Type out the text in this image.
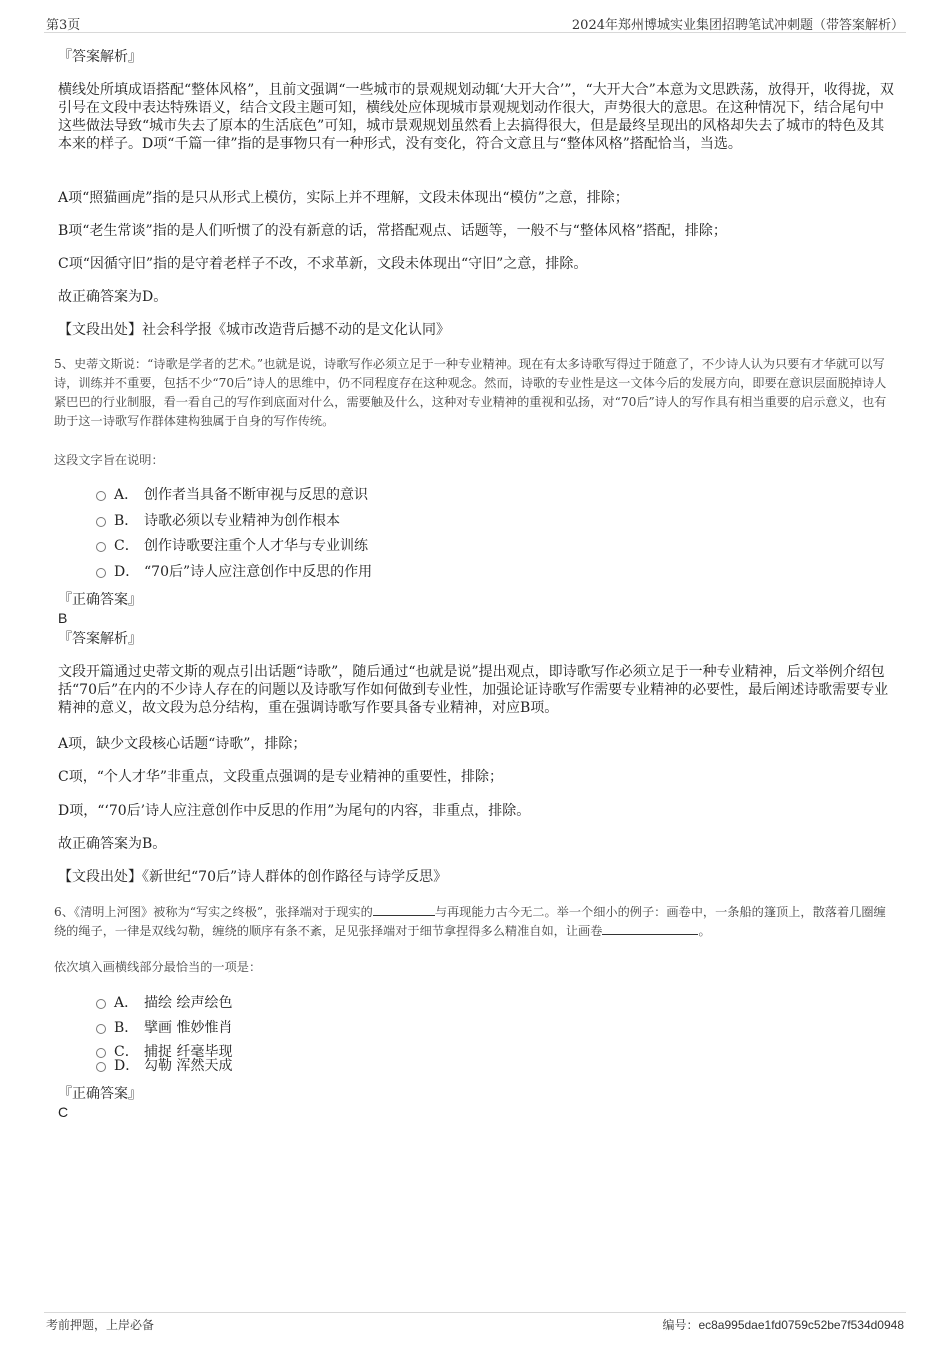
第3页	2024年郑州博城实业集团招聘笔试冲刺题（带答案解析）
『答案解析』

横线处所填成语搭配“整体风格”，且前文强调“一些城市的景观规划动辄‘大开大合’”，“大开大合”本意为文思跌荡，放得开，收得拢，双引号在文段中表达特殊语义，结合文段主题可知，横线处应体现城市景观规划动作很大，声势很大的意思。在这种情况下，结合尾句中这些做法导致“城市失去了原本的生活底色”可知，城市景观规划虽然看上去搞得很大，但是最终呈现出的风格却失去了城市的特色及其本来的样子。D项“千篇一律”指的是事物只有一种形式，没有变化，符合文意且与“整体风格”搭配恰当，当选。

A项“照猫画虎”指的是只从形式上模仿，实际上并不理解，文段未体现出“模仿”之意，排除；

B项“老生常谈”指的是人们听惯了的没有新意的话，常搭配观点、话题等，一般不与“整体风格”搭配，排除；

C项“因循守旧”指的是守着老样子不改，不求革新，文段未体现出“守旧”之意，排除。

故正确答案为D。

【文段出处】社会科学报《城市改造背后撼不动的是文化认同》

5、史蒂文斯说：“诗歌是学者的艺术。”也就是说，诗歌写作必须立足于一种专业精神。现在有太多诗歌写得过于随意了，不少诗人认为只要有才华就可以写诗，训练并不重要，包括不少“70后”诗人的思维中，仍不同程度存在这种观念。然而，诗歌的专业性是这一文体今后的发展方向，即要在意识层面脱掉诗人紧巴巴的行业制服，看一看自己的写作到底面对什么，需要触及什么，这种对专业精神的重视和弘扬，对“70后”诗人的写作具有相当重要的启示意义，也有助于这一诗歌写作群体建构独属于自身的写作传统。

这段文字旨在说明：

A． 创作者当具备不断审视与反思的意识
B． 诗歌必须以专业精神为创作根本
C． 创作诗歌要注重个人才华与专业训练
D． “70后”诗人应注意创作中反思的作用
『正确答案』
B
『答案解析』

文段开篇通过史蒂文斯的观点引出话题“诗歌”，随后通过“也就是说”提出观点，即诗歌写作必须立足于一种专业精神，后文举例介绍包括“70后”在内的不少诗人存在的问题以及诗歌写作如何做到专业性，加强论证诗歌写作需要专业精神的必要性，最后阐述诗歌需要专业精神的意义，故文段为总分结构，重在强调诗歌写作要具备专业精神，对应B项。

A项，缺少文段核心话题“诗歌”，排除；

C项，“个人才华”非重点，文段重点强调的是专业精神的重要性，排除；

D项，“‘70后’诗人应注意创作中反思的作用”为尾句的内容，非重点，排除。

故正确答案为B。

【文段出处】《新世纪“70后”诗人群体的创作路径与诗学反思》

6、《清明上河图》被称为“写实之终极”，张择端对于现实的	与再现能力古今无二。举一个细小的例子：画卷中，一条船的篷顶上，散落着几圈缠绕的绳子，一律是双线勾勒，缠绕的顺序有条不紊，足见张择端对于细节拿捏得多么精准自如，让画卷	。

依次填入画横线部分最恰当的一项是：

A． 描绘 绘声绘色
B． 擘画 惟妙惟肖
C． 捕捉 纤毫毕现
D． 勾勒 浑然天成
『正确答案』
C
考前押题，上岸必备	编号：ec8a995dae1fd0759c52be7f534d0948
